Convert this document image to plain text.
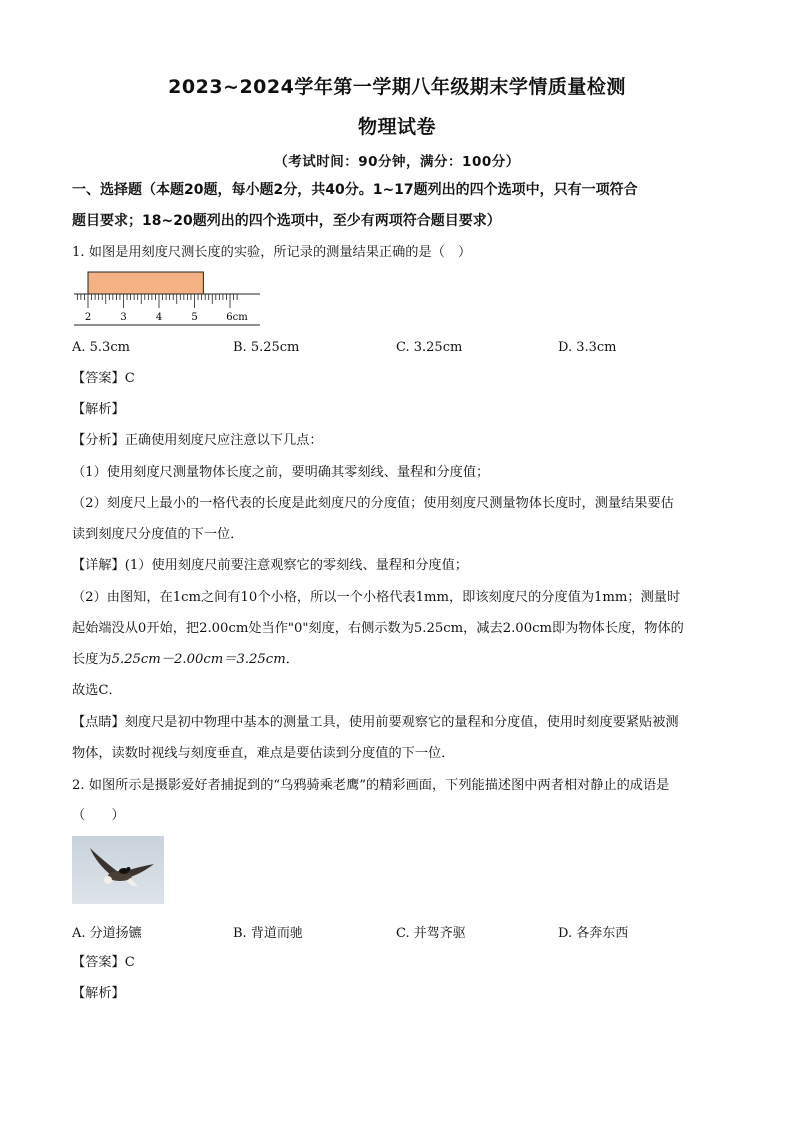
2023~2024学年第一学期八年级期末学情质量检测
物理试卷
（考试时间：90分钟，满分：100分）
一、选择题（本题20题，每小题2分，共40分。1~17题列出的四个选项中，只有一项符合
题目要求；18~20题列出的四个选项中，至少有两项符合题目要求）
1. 如图是用刻度尺测长度的实验，所记录的测量结果正确的是（　）
2	3	4	5	6cm
A. 5.3cm	B. 5.25cm	C. 3.25cm	D. 3.3cm
【答案】C
【解析】
【分析】正确使用刻度尺应注意以下几点：
（1）使用刻度尺测量物体长度之前，要明确其零刻线、量程和分度值；
（2）刻度尺上最小的一格代表的长度是此刻度尺的分度值；使用刻度尺测量物体长度时，测量结果要估
读到刻度尺分度值的下一位．
【详解】(1）使用刻度尺前要注意观察它的零刻线、量程和分度值；
（2）由图知，在1cm之间有10个小格，所以一个小格代表1mm，即该刻度尺的分度值为1mm；测量时
起始端没从0开始，把2.00cm处当作"0"刻度，右侧示数为5.25cm，减去2.00cm即为物体长度，物体的
长度为5.25cm－2.00cm＝3.25cm．
故选C．
【点睛】刻度尺是初中物理中基本的测量工具，使用前要观察它的量程和分度值，使用时刻度要紧贴被测
物体，读数时视线与刻度垂直，难点是要估读到分度值的下一位．
2. 如图所示是摄影爱好者捕捉到的“乌鸦骑乘老鹰”的精彩画面，下列能描述图中两者相对静止的成语是
（　　）
A. 分道扬镳	B. 背道而驰	C. 并驾齐驱	D. 各奔东西
【答案】C
【解析】
